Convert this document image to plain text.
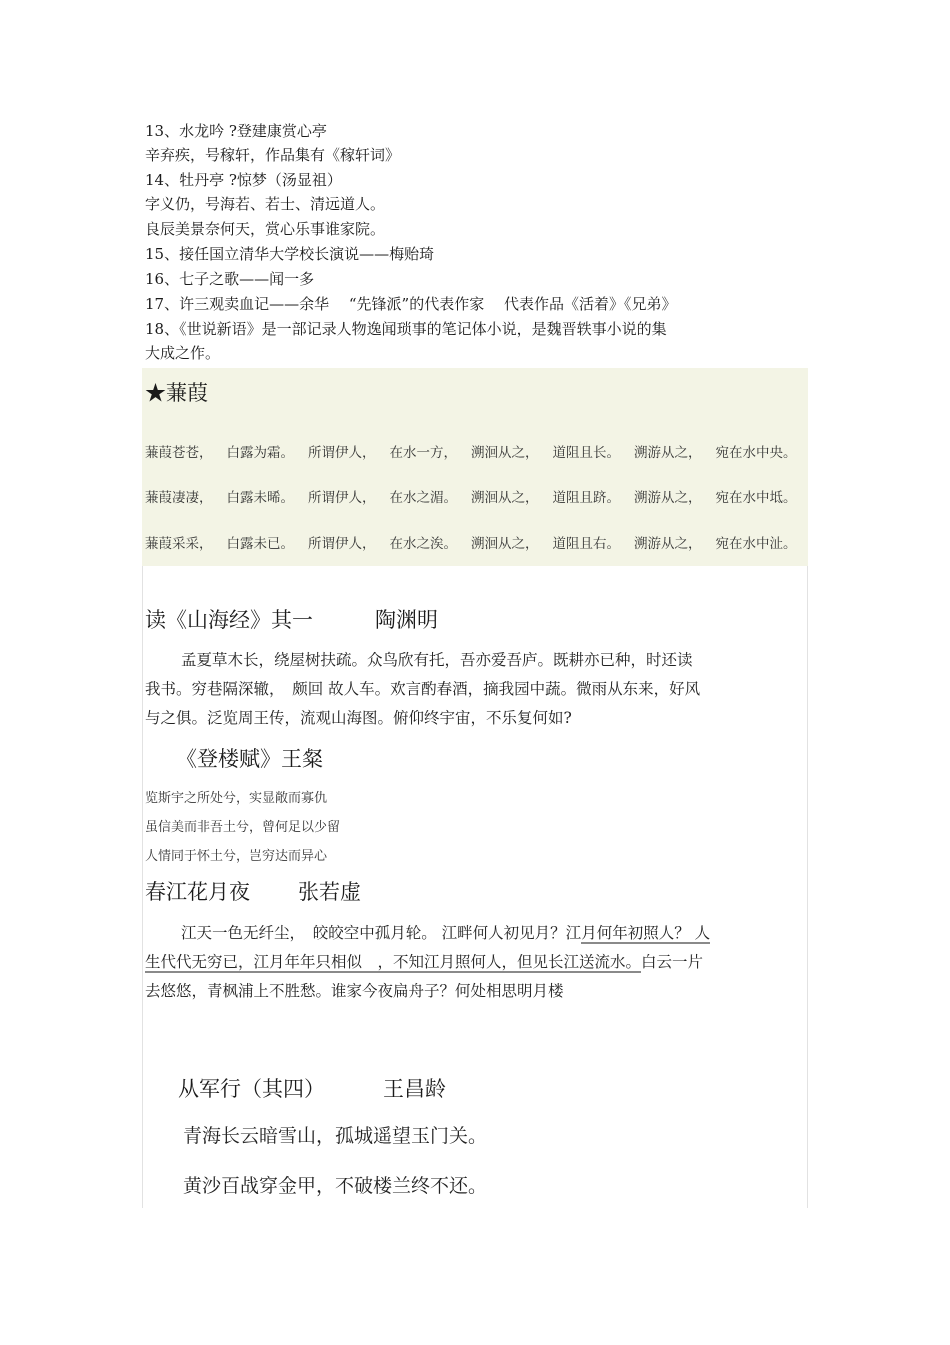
13、水龙吟 ?登建康赏心亭
辛弃疾，号稼轩，作品集有《稼轩词》
14、牡丹亭 ?惊梦（汤显祖）
字义仍，号海若、若士、清远道人。
良辰美景奈何天，赏心乐事谁家院。
15、接任国立清华大学校长演说——梅贻琦
16、七子之歌——闻一多
17、许三观卖血记——余华　 “先锋派”的代表作家　 代表作品《活着》《兄弟》
18、《世说新语》是一部记录人物逸闻琐事的笔记体小说，是魏晋轶事小说的集
大成之作。
★蒹葭
蒹葭苍苍，	白露为霜。	所谓伊人，	在水一方，	溯洄从之，	道阻且长。	溯游从之，	宛在水中央。
蒹葭凄凄，	白露未晞。	所谓伊人，	在水之湄。	溯洄从之，	道阻且跻。	溯游从之，	宛在水中坻。
蒹葭采采，	白露未已。	所谓伊人，	在水之涘。	溯洄从之，	道阻且右。	溯游从之，	宛在水中沚。
读《山海经》其一	陶渊明
孟夏草木长，绕屋树扶疏。众鸟欣有托，吾亦爱吾庐。既耕亦已种，时还读
我书。穷巷隔深辙，　颇回 故人车。欢言酌春酒，摘我园中蔬。微雨从东来，好风
与之俱。泛览周王传，流观山海图。俯仰终宇宙，不乐复何如?
《登楼赋》王粲
览斯宇之所处兮，实显敞而寡仇
虽信美而非吾土兮，曾何足以少留
人情同于怀土兮，岂穷达而异心
春江花月夜 张若虚
江天一色无纤尘，　皎皎空中孤月轮。 江畔何人初见月？江月何年初照人？ 人
生代代无穷已，江月年年只相似　，不知江月照何人，但见长江送流水。白云一片
去悠悠，青枫浦上不胜愁。谁家今夜扁舟子？何处相思明月楼
从军行（其四）	王昌龄
青海长云暗雪山，孤城遥望玉门关。
黄沙百战穿金甲，不破楼兰终不还。
